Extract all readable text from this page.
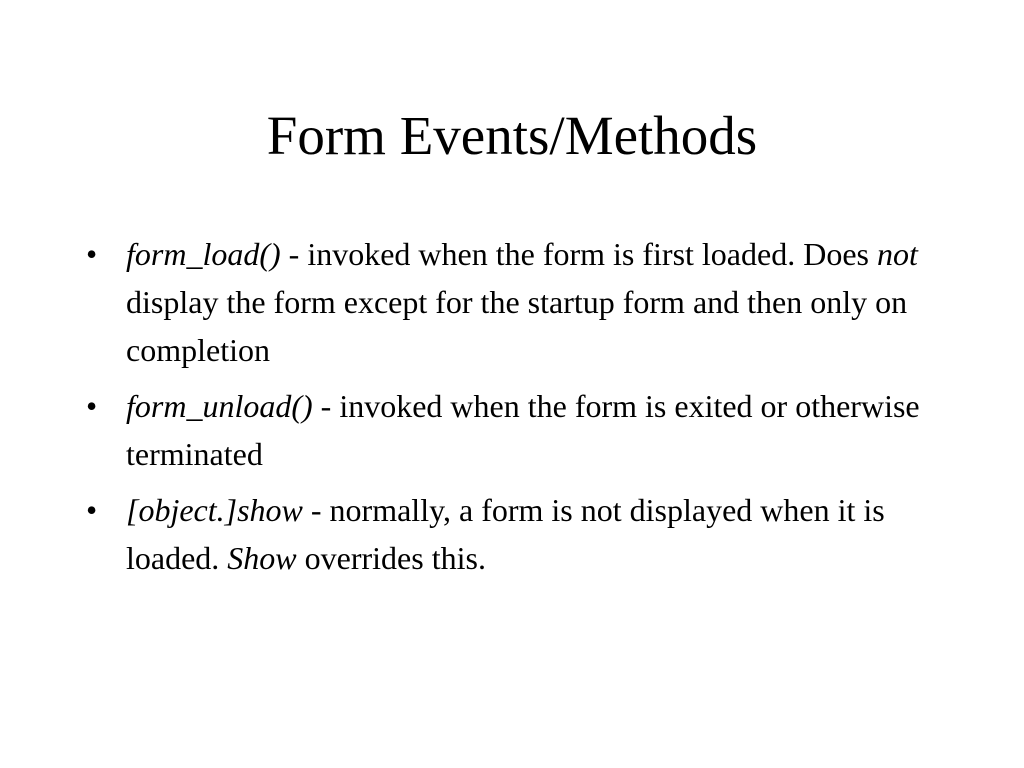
Form Events/Methods
• form_load() - invoked when the form is first loaded. Does not display the form except for the startup form and then only on completion
• form_unload() - invoked when the form is exited or otherwise terminated
• [object.]show - normally, a form is not displayed when it is loaded. Show overrides this.
